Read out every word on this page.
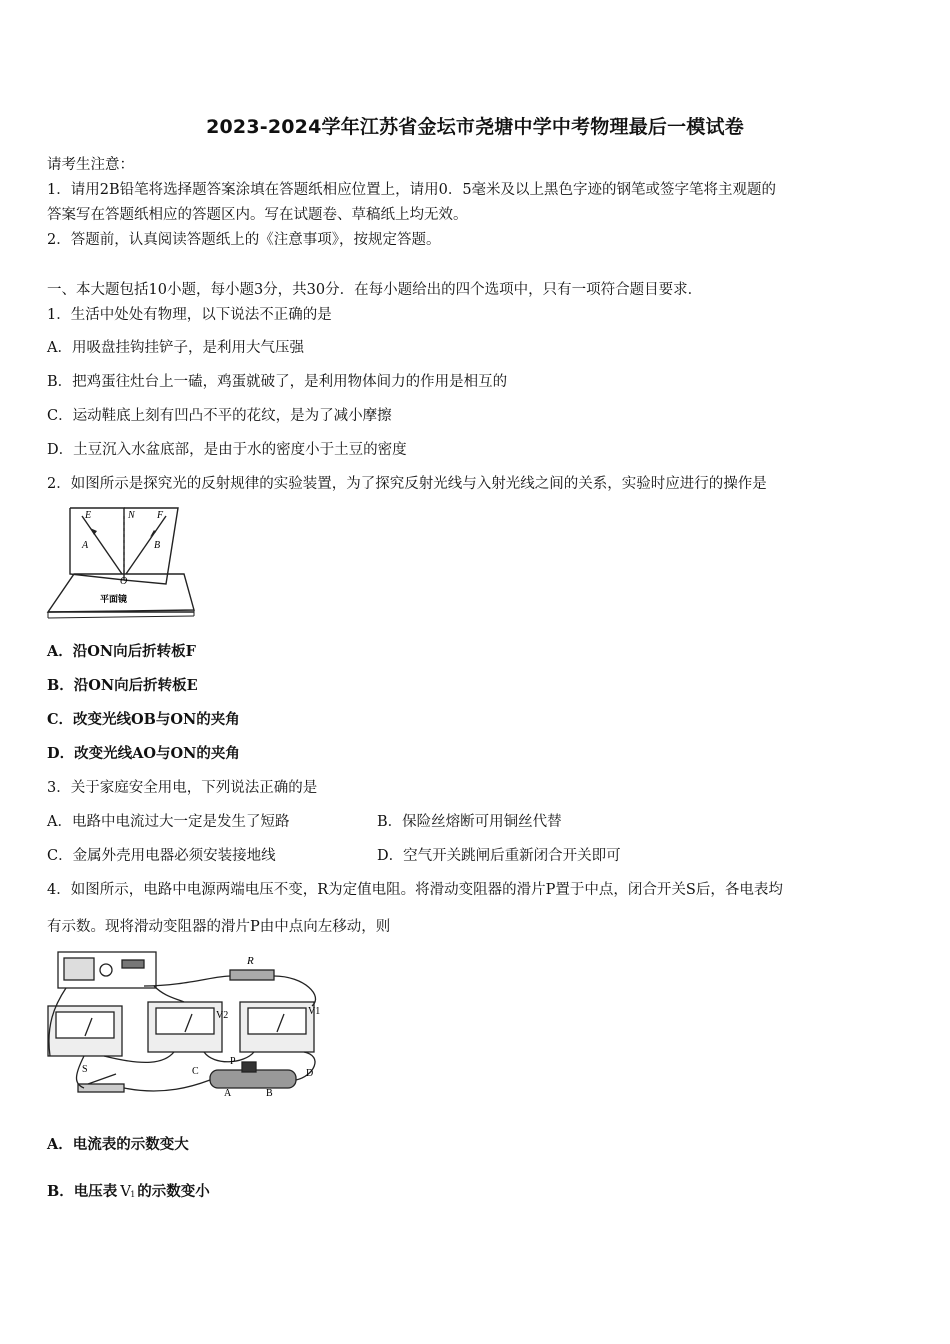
2023-2024学年江苏省金坛市尧塘中学中考物理最后一模试卷
请考生注意：
1．请用2B铅笔将选择题答案涂填在答题纸相应位置上，请用0．5毫米及以上黑色字迹的钢笔或签字笔将主观题的
答案写在答题纸相应的答题区内。写在试题卷、草稿纸上均无效。
2．答题前，认真阅读答题纸上的《注意事项》，按规定答题。
一、本大题包括10小题，每小题3分，共30分．在每小题给出的四个选项中，只有一项符合题目要求．
1．生活中处处有物理，以下说法不正确的是
A．用吸盘挂钩挂铲子，是利用大气压强
B．把鸡蛋往灶台上一磕，鸡蛋就破了，是利用物体间力的作用是相互的
C．运动鞋底上刻有凹凸不平的花纹，是为了减小摩擦
D．土豆沉入水盆底部，是由于水的密度小于土豆的密度
2．如图所示是探究光的反射规律的实验装置，为了探究反射光线与入射光线之间的关系，实验时应进行的操作是
E	N F
A	B
O
平面镜
A．沿ON向后折转板F
B．沿ON向后折转板E
C．改变光线OB与ON的夹角
D．改变光线AO与ON的夹角
3．关于家庭安全用电，下列说法正确的是
A．电路中电流过大一定是发生了短路	B．保险丝熔断可用铜丝代替
C．金属外壳用电器必须安装接地线	D．空气开关跳闸后重新闭合开关即可
4．如图所示，电路中电源两端电压不变，R为定值电阻。将滑动变阻器的滑片P置于中点，闭合开关S后，各电表均
有示数。现将滑动变阻器的滑片P由中点向左移动，则
R
V2	V1
S
P
C	D
A	B
A．电流表的示数变大
B．电压表 V 1 的示数变小
